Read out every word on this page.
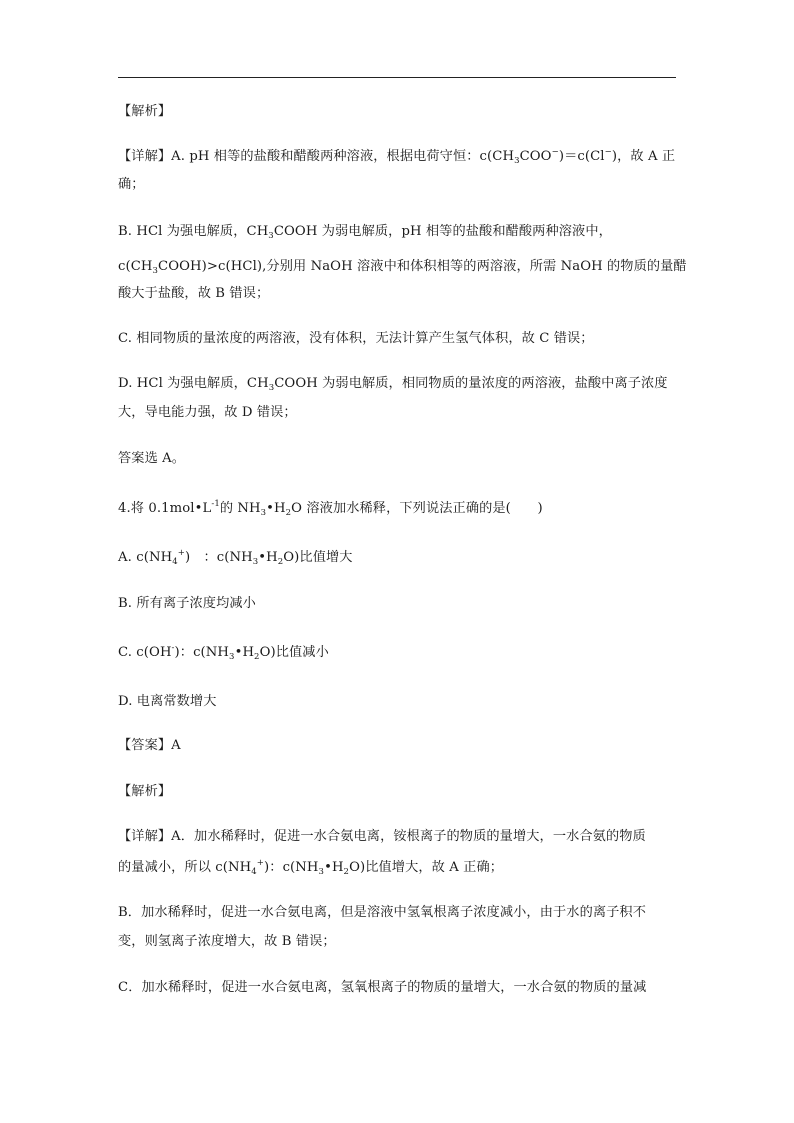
【解析】
【详解】A. pH 相等的盐酸和醋酸两种溶液，根据电荷守恒：$c(CH_3COO^-)=c(Cl^-)$，故 A 正
确；
B. HCl 为强电解质，$CH_3COOH$ 为弱电解质，pH 相等的盐酸和醋酸两种溶液中，
$c(CH_3COOH)>c(HCl)$,分别用 NaOH 溶液中和体积相等的两溶液，所需 NaOH 的物质的量醋
酸大于盐酸，故 B 错误；
C. 相同物质的量浓度的两溶液，没有体积，无法计算产生氢气体积，故 C 错误；
D. HCl 为强电解质，$CH_3COOH$ 为弱电解质，相同物质的量浓度的两溶液，盐酸中离子浓度
大，导电能力强，故 D 错误；
答案选 A。
4.将 $0.1mol•L^{-1}$的 $NH_3•H_2O$ 溶液加水稀释，下列说法正确的是(　　)
A. $c(NH_4^+)$　：$c(NH_3•H_2O)$比值增大
B. 所有离子浓度均减小
C. c(OH-)：$c(NH_3•H_2O)$比值减小
D. 电离常数增大
【答案】A
【解析】
【详解】A．加水稀释时，促进一水合氨电离，铵根离子的物质的量增大，一水合氨的物质
的量减小，所以 $c(NH_4^+)$：$c(NH_3•H_2O)$比值增大，故 A 正确；
B．加水稀释时，促进一水合氨电离，但是溶液中氢氧根离子浓度减小，由于水的离子积不
变，则氢离子浓度增大，故 B 错误；
C．加水稀释时，促进一水合氨电离，氢氧根离子的物质的量增大，一水合氨的物质的量减
